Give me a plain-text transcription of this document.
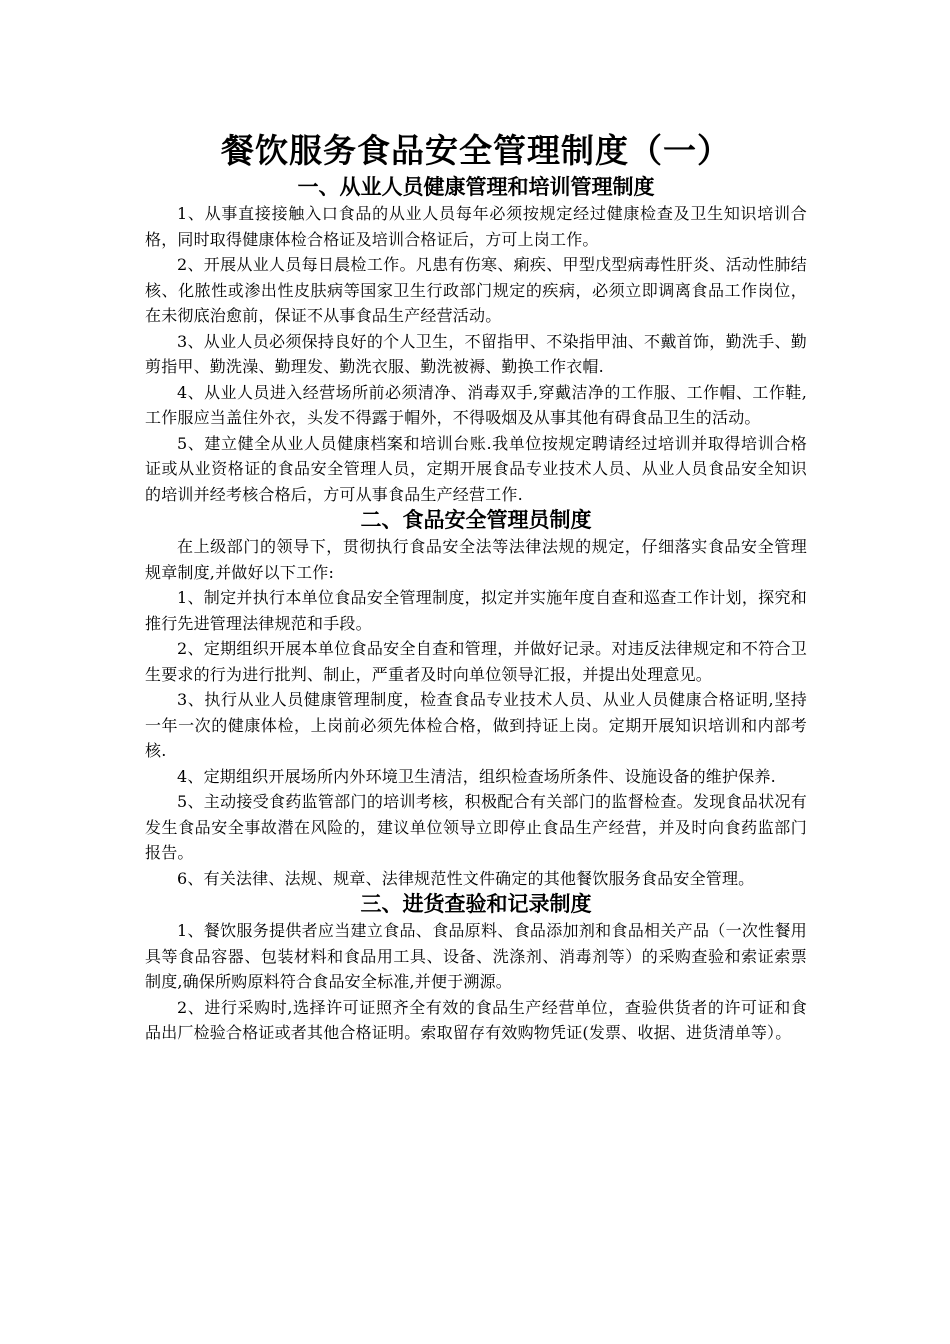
餐饮服务食品安全管理制度（一）
一、从业人员健康管理和培训管理制度

1、从事直接接触入口食品的从业人员每年必须按规定经过健康检查及卫生知识培训合格，同时取得健康体检合格证及培训合格证后，方可上岗工作。

2、开展从业人员每日晨检工作。凡患有伤寒、痢疾、甲型戊型病毒性肝炎、活动性肺结核、化脓性或渗出性皮肤病等国家卫生行政部门规定的疾病，必须立即调离食品工作岗位，在未彻底治愈前，保证不从事食品生产经营活动。

3、从业人员必须保持良好的个人卫生，不留指甲、不染指甲油、不戴首饰，勤洗手、勤剪指甲、勤洗澡、勤理发、勤洗衣服、勤洗被褥、勤换工作衣帽.

4、从业人员进入经营场所前必须清净、消毒双手,穿戴洁净的工作服、工作帽、工作鞋,工作服应当盖住外衣，头发不得露于帽外，不得吸烟及从事其他有碍食品卫生的活动。

5、建立健全从业人员健康档案和培训台账.我单位按规定聘请经过培训并取得培训合格证或从业资格证的食品安全管理人员，定期开展食品专业技术人员、从业人员食品安全知识的培训并经考核合格后，方可从事食品生产经营工作.

二、食品安全管理员制度

在上级部门的领导下，贯彻执行食品安全法等法律法规的规定，仔细落实食品安全管理规章制度,并做好以下工作:

1、制定并执行本单位食品安全管理制度，拟定并实施年度自查和巡查工作计划，探究和推行先进管理法律规范和手段。

2、定期组织开展本单位食品安全自查和管理，并做好记录。对违反法律规定和不符合卫生要求的行为进行批判、制止，严重者及时向单位领导汇报，并提出处理意见。

3、执行从业人员健康管理制度，检查食品专业技术人员、从业人员健康合格证明,坚持一年一次的健康体检，上岗前必须先体检合格，做到持证上岗。定期开展知识培训和内部考核.

4、定期组织开展场所内外环境卫生清洁，组织检查场所条件、设施设备的维护保养.

5、主动接受食药监管部门的培训考核，积极配合有关部门的监督检查。发现食品状况有发生食品安全事故潜在风险的，建议单位领导立即停止食品生产经营，并及时向食药监部门报告。

6、有关法律、法规、规章、法律规范性文件确定的其他餐饮服务食品安全管理。

三、进货查验和记录制度

1、餐饮服务提供者应当建立食品、食品原料、食品添加剂和食品相关产品（一次性餐用具等食品容器、包装材料和食品用工具、设备、洗涤剂、消毒剂等）的采购查验和索证索票制度,确保所购原料符合食品安全标准,并便于溯源。

2、进行采购时,选择许可证照齐全有效的食品生产经营单位，查验供货者的许可证和食品出厂检验合格证或者其他合格证明。索取留存有效购物凭证(发票、收据、进货清单等）。
